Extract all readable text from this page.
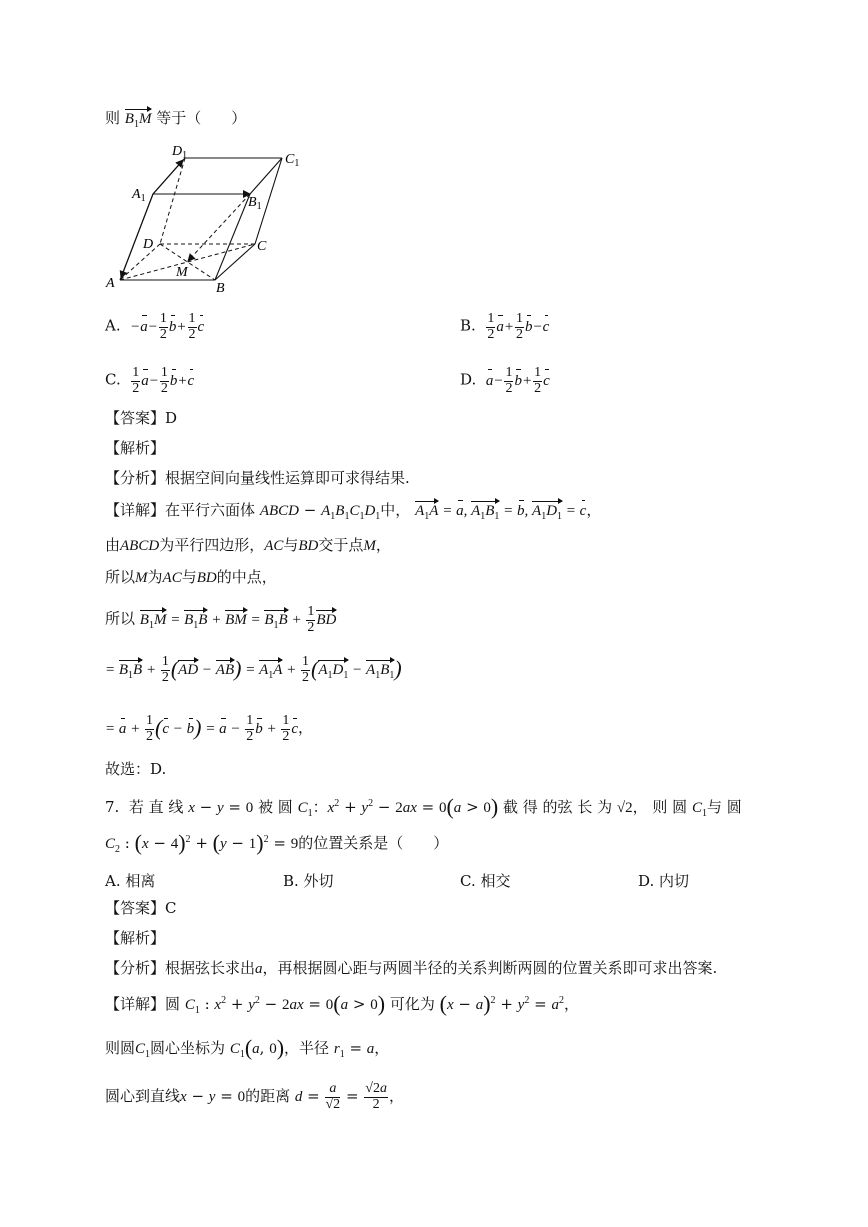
则 $B_1M$ 等于（　　）
$D_1$	$C_1$
$A_1$	$B_1$
D	C
M
A	B
A. $-a- \frac{1}{2} b+ \frac{1}{2}$ c	B. $\frac{1}{2} a+ \frac{1}{2} b-c$
C. $\frac{1}{2} a- \frac{1}{2} b+c$	D. $a- \frac{1}{2} b+ \frac{1}{2}$ c
【答案】D
【解析】
【分析】根据空间向量线性运算即可求得结果.
【详解】在平行六面体 ABCD − $A_1B_1C_1D_1$中， $A_1A = a$, $A_1B_1 = b$, $A_1D_1 = c$，
由ABCD为平行四边形，AC与BD交于点M，
所以M为AC与BD的中点，
所以 $B_1M = B_1B$ + BM = $B_1B + \frac{1}{2}$ BD
= $B_1B + \frac{1}{2} (AD - AB) = A_1A + \frac{1}{2} (A_1D_1 - A_1B_1)$
= $a + \frac{1}{2} (c - b) = a - \frac{1}{2}$ $b + \frac{1}{2}$ c，
故选：D.
7. 若 直 线 x − y = 0 被 圆 $C_1$：$x^2 + y^2 - 2ax = 0(a > 0)$ 截 得 的弦 长 为 √2， 则 圆 $C_1$与 圆
$C_2$ : $(x - 4)^2 + (y - 1)^2 = 9$的位置关系是（　　）
A. 相离	B. 外切	C. 相交	D. 内切
【答案】C
【解析】
【分析】根据弦长求出a，再根据圆心距与两圆半径的关系判断两圆的位置关系即可求出答案.
【详解】圆 $C_1$ : $x^2 + y^2 - 2ax = 0(a > 0)$ 可化为 $(x - a)^2 + y^2 = a^2$，
则圆$C_1$圆心坐标为 $C_1(a$, 0)，半径 $r_1 = a$，
圆心到直线x − y = 0的距离 $d = \frac{a}{√2} = \frac{√2a}{2}$ ，
